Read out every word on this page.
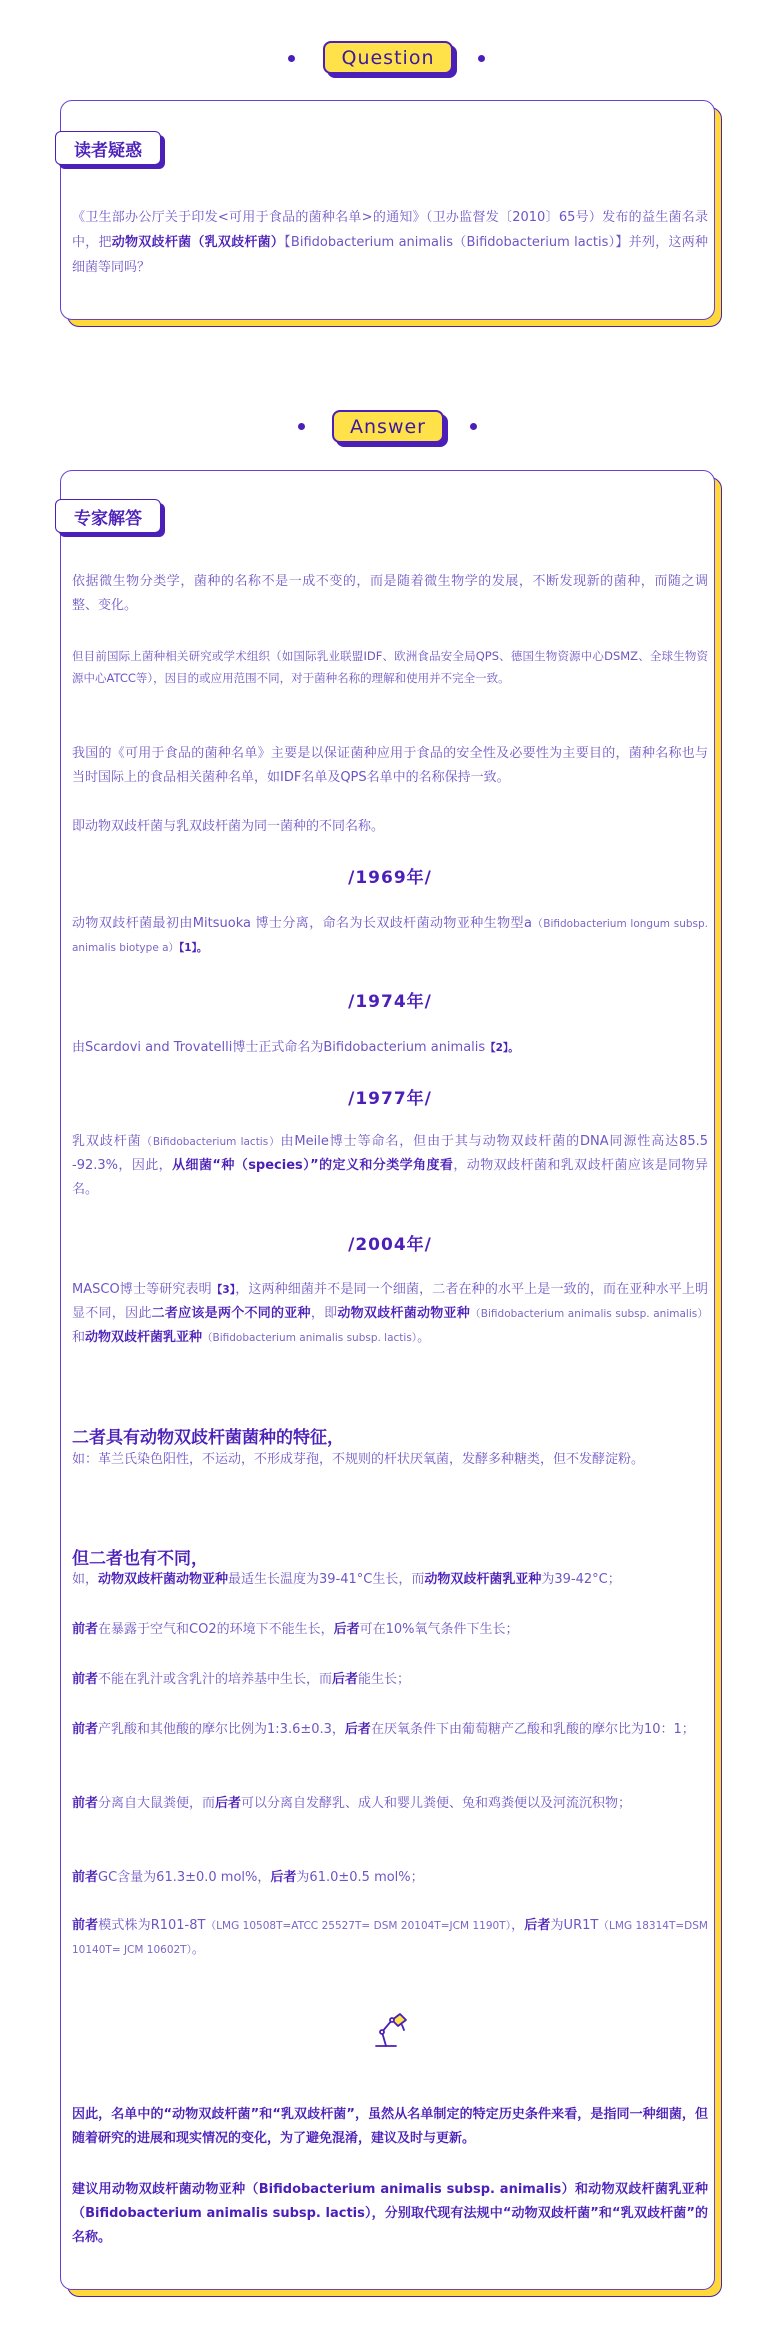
Question
读者疑惑
《卫生部办公厅关于印发<可用于食品的菌种名单>的通知》（卫办监督发〔2010〕65号）发布的益生菌名录中，把动物双歧杆菌（乳双歧杆菌）【Bifidobacterium animalis（Bifidobacterium lactis）】并列，这两种细菌等同吗？
Answer
专家解答
依据微生物分类学，菌种的名称不是一成不变的，而是随着微生物学的发展，不断发现新的菌种，而随之调整、变化。
但目前国际上菌种相关研究或学术组织（如国际乳业联盟IDF、欧洲食品安全局QPS、德国生物资源中心DSMZ、全球生物资源中心ATCC等），因目的或应用范围不同，对于菌种名称的理解和使用并不完全一致。
我国的《可用于食品的菌种名单》主要是以保证菌种应用于食品的安全性及必要性为主要目的，菌种名称也与当时国际上的食品相关菌种名单，如IDF名单及QPS名单中的名称保持一致。
即动物双歧杆菌与乳双歧杆菌为同一菌种的不同名称。
/1969年/
动物双歧杆菌最初由Mitsuoka 博士分离，命名为长双歧杆菌动物亚种生物型a（Bifidobacterium longum subsp. animalis biotype a）【1】。
/1974年/
由Scardovi and Trovatelli博士正式命名为Bifidobacterium animalis【2】。
/1977年/
乳双歧杆菌（Bifidobacterium lactis）由Meile博士等命名，但由于其与动物双歧杆菌的DNA同源性高达85.5 -92.3%，因此，从细菌“种（species）”的定义和分类学角度看，动物双歧杆菌和乳双歧杆菌应该是同物异名。
/2004年/
MASCO博士等研究表明【3】，这两种细菌并不是同一个细菌，二者在种的水平上是一致的，而在亚种水平上明显不同，因此二者应该是两个不同的亚种，即动物双歧杆菌动物亚种（Bifidobacterium animalis subsp. animalis）和动物双歧杆菌乳亚种（Bifidobacterium animalis subsp. lactis）。
二者具有动物双歧杆菌菌种的特征，
如：革兰氏染色阳性，不运动，不形成芽孢，不规则的杆状厌氧菌，发酵多种糖类，但不发酵淀粉。
但二者也有不同，
如，动物双歧杆菌动物亚种最适生长温度为39-41°C生长，而动物双歧杆菌乳亚种为39-42°C；
前者在暴露于空气和CO2的环境下不能生长，后者可在10%氧气条件下生长；
前者不能在乳汁或含乳汁的培养基中生长，而后者能生长；
前者产乳酸和其他酸的摩尔比例为1:3.6±0.3，后者在厌氧条件下由葡萄糖产乙酸和乳酸的摩尔比为10：1；
前者分离自大鼠粪便，而后者可以分离自发酵乳、成人和婴儿粪便、兔和鸡粪便以及河流沉积物；
前者GC含量为61.3±0.0 mol%，后者为61.0±0.5 mol%；
前者模式株为R101-8T（LMG 10508T=ATCC 25527T= DSM 20104T=JCM 1190T），后者为UR1T（LMG 18314T=DSM 10140T= JCM 10602T）。
因此，名单中的“动物双歧杆菌”和“乳双歧杆菌”，虽然从名单制定的特定历史条件来看，是指同一种细菌，但随着研究的进展和现实情况的变化，为了避免混淆，建议及时与更新。
建议用动物双歧杆菌动物亚种（Bifidobacterium animalis subsp. animalis）和动物双歧杆菌乳亚种（Bifidobacterium animalis subsp. lactis），分别取代现有法规中“动物双歧杆菌”和“乳双歧杆菌”的名称。
